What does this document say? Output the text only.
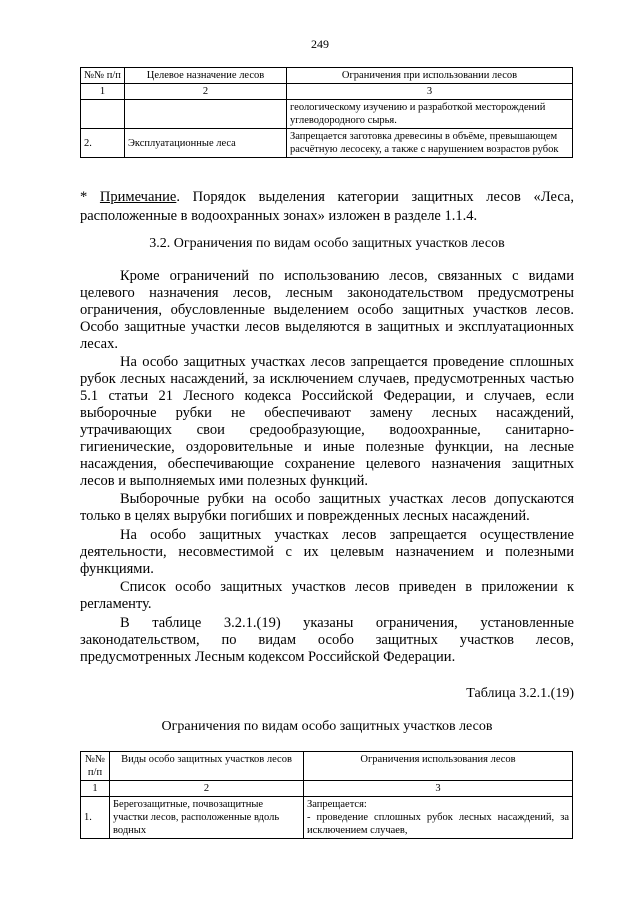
249
№№ п/п	Целевое назначение лесов	Ограничения при использовании лесов
1	2	3
		геологическому изучению и разработкой месторождений углеводородного сырья.
2.	Эксплуатационные леса	Запрещается заготовка древесины в объёме, превышающем расчётную лесосеку, а также с нарушением возрастов рубок
* Примечание. Порядок выделения категории защитных лесов «Леса, расположенные в водоохранных зонах» изложен в разделе 1.1.4.
3.2. Ограничения по видам особо защитных участков лесов
Кроме ограничений по использованию лесов, связанных с видами целевого назначения лесов, лесным законодательством предусмотрены ограничения, обусловленные выделением особо защитных участков лесов. Особо защитные участки лесов выделяются в защитных и эксплуатационных лесах.
На особо защитных участках лесов запрещается проведение сплошных рубок лесных насаждений, за исключением случаев, предусмотренных частью 5.1 статьи 21 Лесного кодекса Российской Федерации, и случаев, если выборочные рубки не обеспечивают замену лесных насаждений, утрачивающих свои средообразующие, водоохранные, санитарно-гигиенические, оздоровительные и иные полезные функции, на лесные насаждения, обеспечивающие сохранение целевого назначения защитных лесов и выполняемых ими полезных функций.
Выборочные рубки на особо защитных участках лесов допускаются только в целях вырубки погибших и поврежденных лесных насаждений.
На особо защитных участках лесов запрещается осуществление деятельности, несовместимой с их целевым назначением и полезными функциями.
Список особо защитных участков лесов приведен в приложении к регламенту.
В таблице 3.2.1.(19) указаны ограничения, установленные законодательством, по видам особо защитных участков лесов, предусмотренных Лесным кодексом Российской Федерации.
Таблица 3.2.1.(19)
Ограничения по видам особо защитных участков лесов
№№ п/п	Виды особо защитных участков лесов	Ограничения использования лесов
1	2	3
1.	Берегозащитные, почвозащитные участки лесов, расположенные вдоль водных	Запрещается:
- проведение сплошных рубок лесных насаждений, за исключением случаев,
